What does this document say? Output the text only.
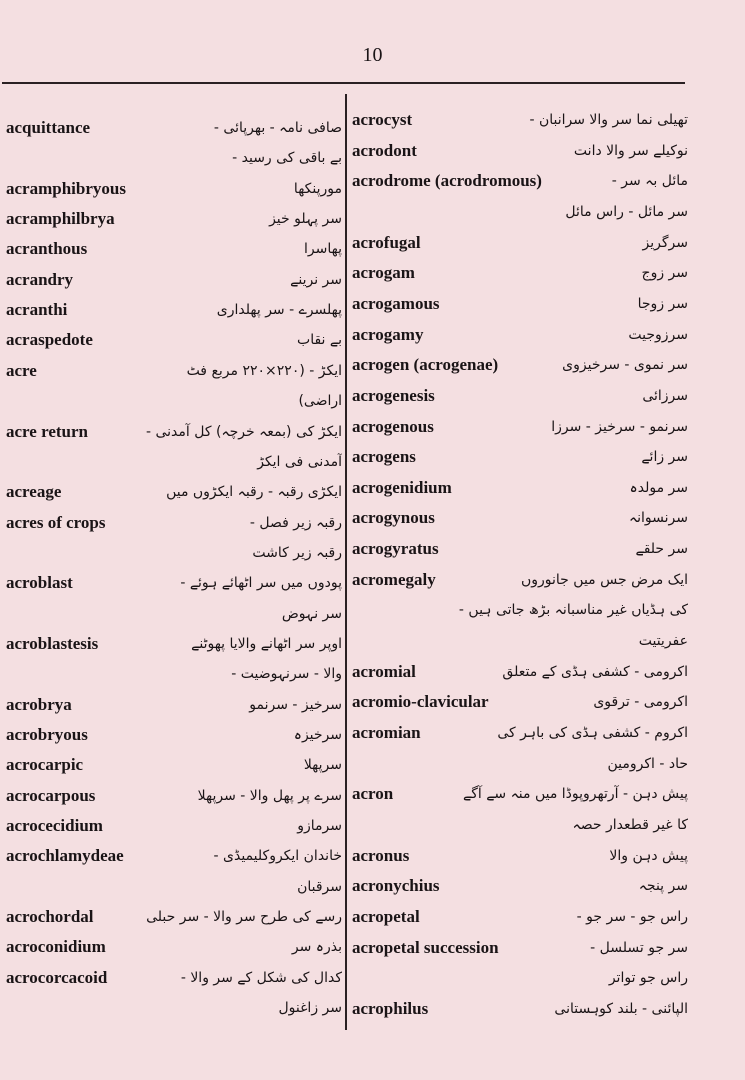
10
acquittance	صافی نامہ - بھرپائی -
بے باقی کی رسید -
acramphibryous	مورپنکھا
acramphilbrya	سر پہلو خیز
acranthous	پھاسرا
acrandry	سر نرینے
acranthi	پھلسرے - سر پھلداری
acraspedote	بے نقاب
acre	ایکڑ - (۲۲۰×۲۲۰ مربع فٹ
اراضی)
acre return	ایکڑ کی (بمعہ خرچہ) کل آمدنی -
آمدنی فی ایکڑ
acreage	ایکڑی رقبہ - رقبہ ایکڑوں میں
acres of crops	رقبہ زیر فصل -
رقبہ زیر کاشت
acroblast	پودوں میں سر اٹھائے ہوئے -
سر نہوض
acroblastesis	اوپر سر اٹھانے والایا پھوٹنے
والا - سرنہوضیت -
acrobrya	سرخیز - سرنمو
acrobryous	سرخیزہ
acrocarpic	سرپھلا
acrocarpous	سرے پر پھل والا - سرپھلا
acrocecidium	سرمازو
acrochlamydeae	خاندان ایکروکلیمیڈی -
سرقبان
acrochordal	رسے کی طرح سر والا - سر حبلی
acroconidium	بذرہ سر
acrocorcacoid	کدال کی شکل کے سر والا -
سر زاغنول
acrocyst	تھیلی نما سر والا سرانبان -
acrodont	نوکیلے سر والا دانت
acrodrome (acrodromous)	مائل بہ سر -
سر مائل - راس مائل
acrofugal	سرگریز
acrogam	سر زوج
acrogamous	سر زوجا
acrogamy	سرزوجیت
acrogen (acrogenae)	سر نموی - سرخیزوی
acrogenesis	سرزائی
acrogenous	سرنمو - سرخیز - سرزا
acrogens	سر زائے
acrogenidium	سر مولدہ
acrogynous	سرنسوانہ
acrogyratus	سر حلقے
acromegaly	ایک مرض جس میں جانوروں
کی ہڈیاں غیر مناسبانہ بڑھ جاتی ہیں -
عفریتیت
acromial	اکرومی - کشفی ہڈی کے متعلق
acromio-clavicular	اکرومی - ترقوی
acromian	اکروم - کشفی ہڈی کی باہر کی
حاد - اکرومین
acron	پیش دہن - آرتھروپوڈا میں منہ سے آگے
کا غیر قطعدار حصہ
acronus	پیش دہن والا
acronychius	سر پنجہ
acropetal	راس جو - سر جو -
acropetal succession	سر جو تسلسل -
راس جو تواتر
acrophilus	الپائنی - بلند کوہستانی
